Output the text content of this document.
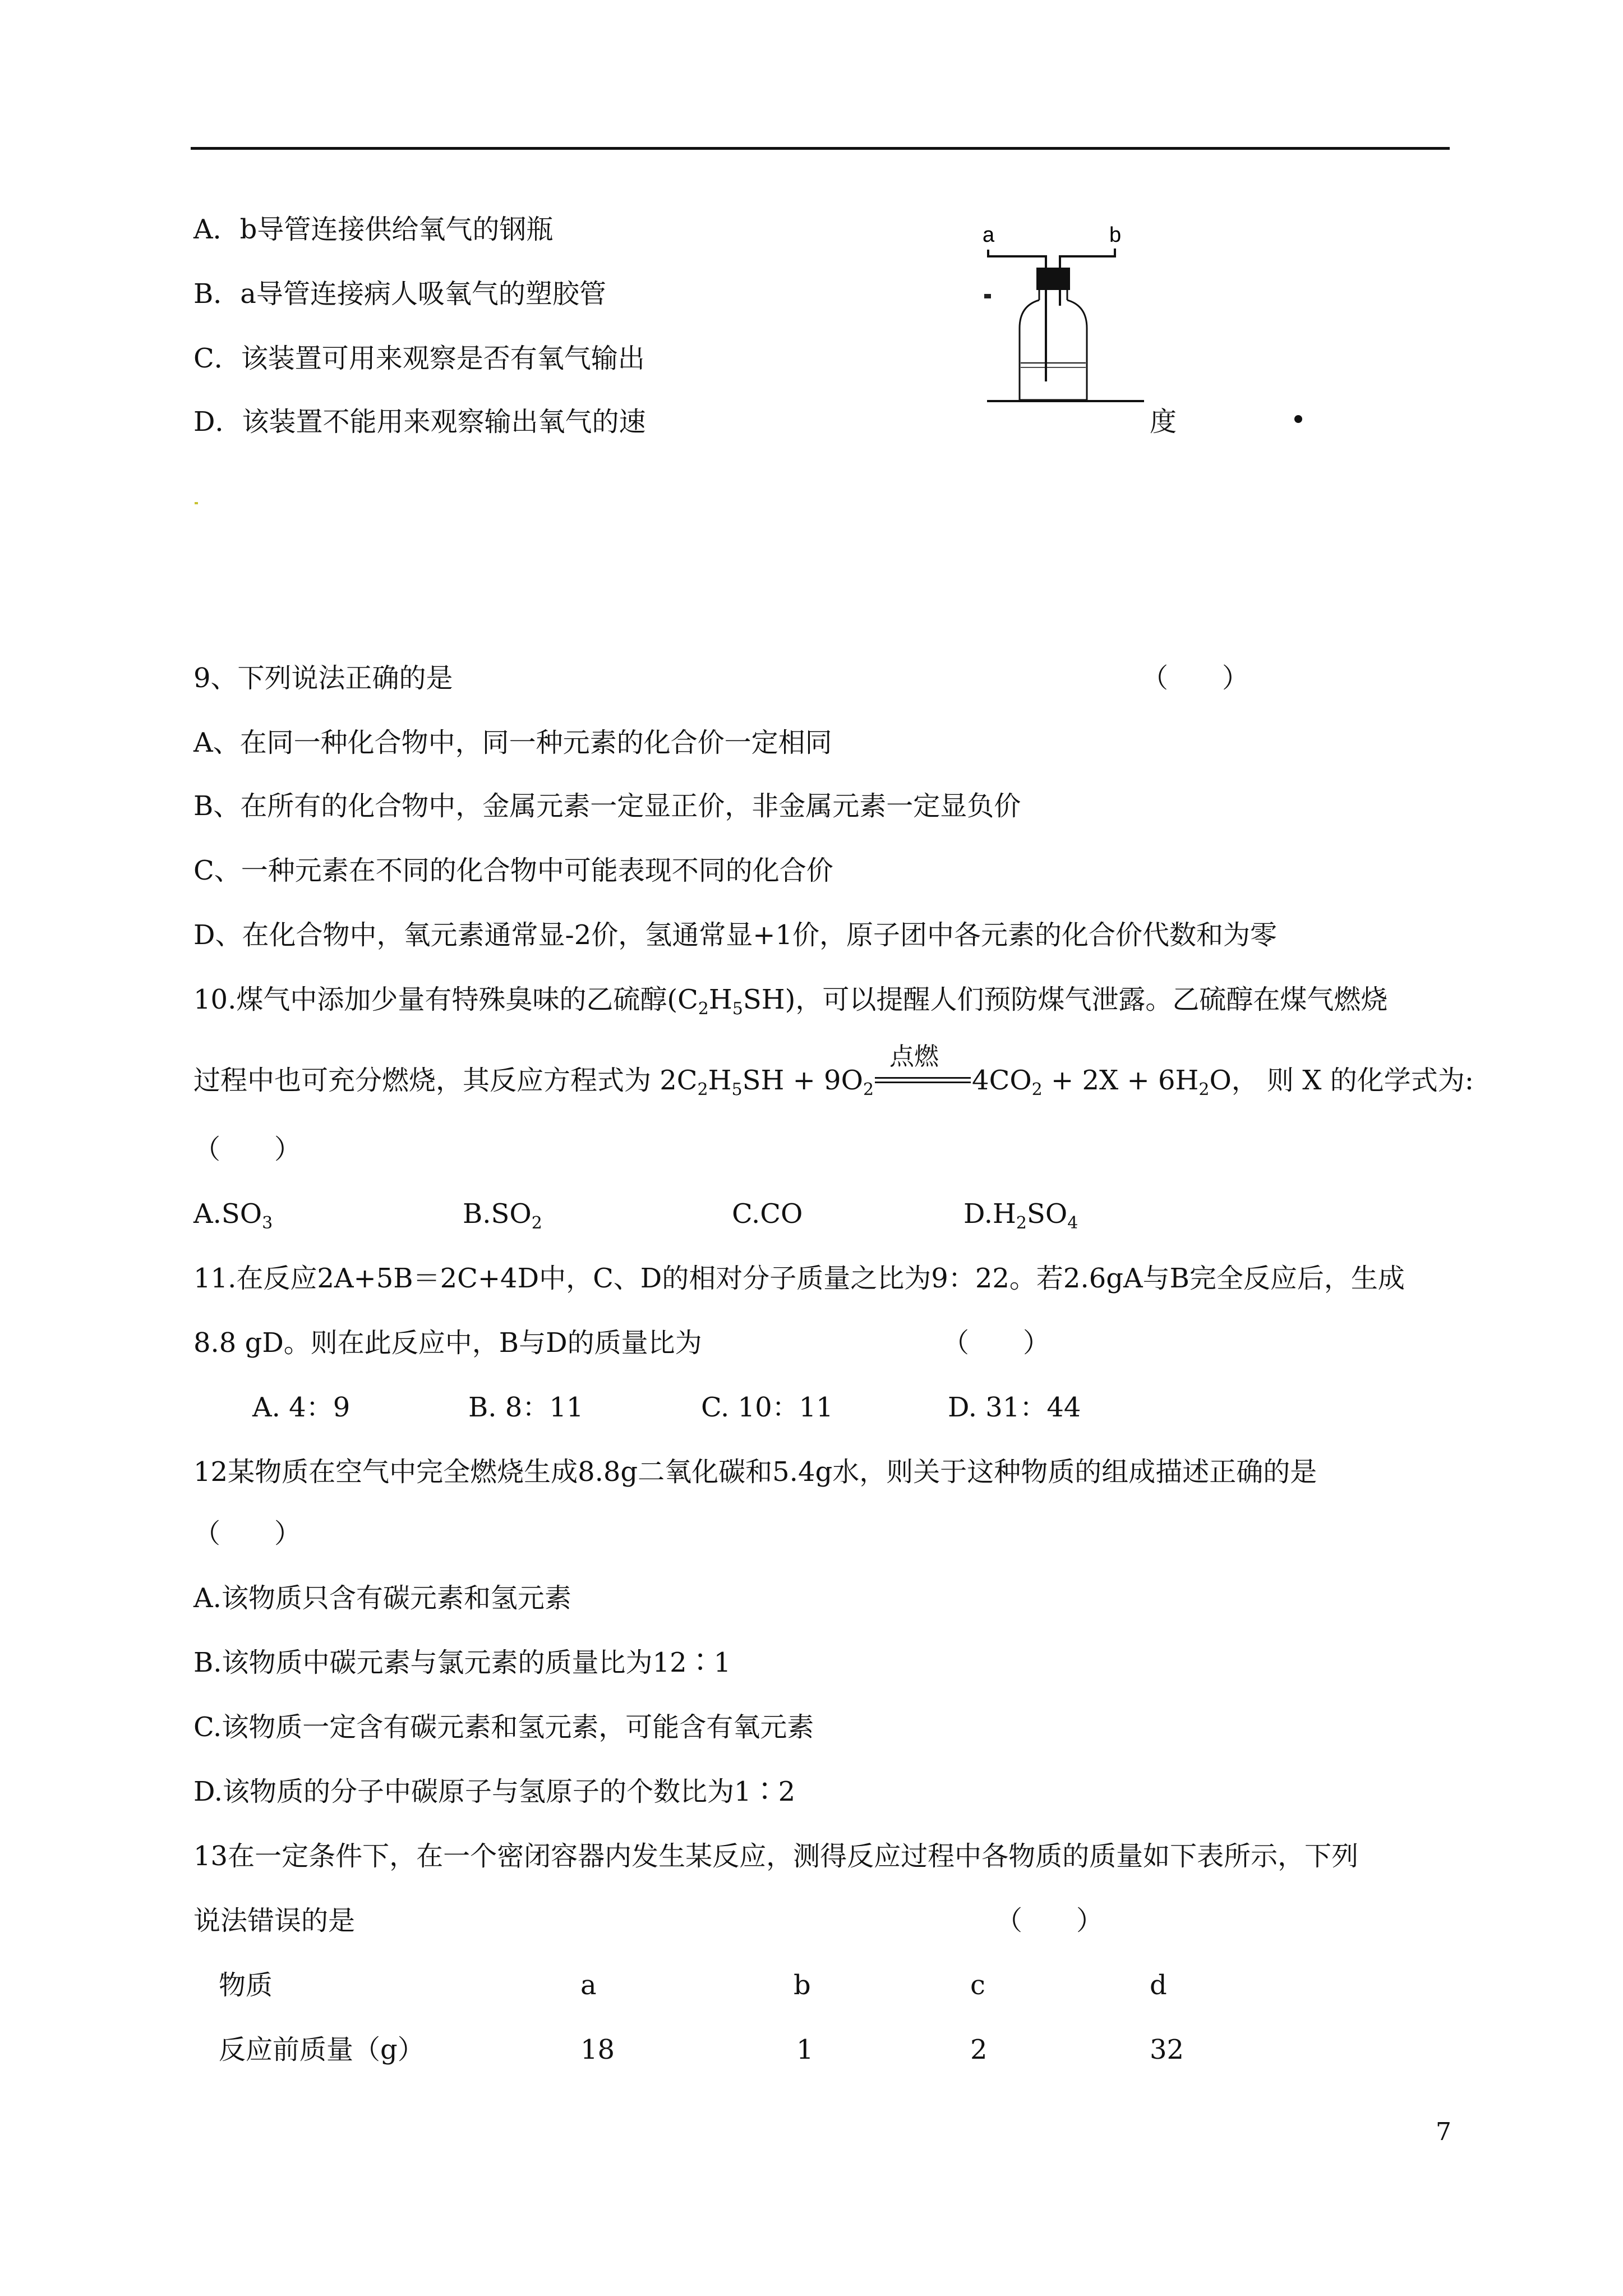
A．b导管连接供给氧气的钢瓶
B．a导管连接病人吸氧气的塑胶管
C．该装置可用来观察是否有氧气输出
D．该装置不能用来观察输出氧气的速	度
a	b
9、下列说法正确的是	（　　）
A、在同一种化合物中，同一种元素的化合价一定相同
B、在所有的化合物中，金属元素一定显正价，非金属元素一定显负价
C、一种元素在不同的化合物中可能表现不同的化合价
D、在化合物中，氧元素通常显-2价，氢通常显+1价，原子团中各元素的化合价代数和为零
10.煤气中添加少量有特殊臭味的乙硫醇$(C_2H_5SH)$，可以提醒人们预防煤气泄露。乙硫醇在煤气燃烧
过程中也可充分燃烧，其反应方程式为 $2C_2H_5SH + 9O_2$
点燃
$4CO_2 + 2X + 6H_2O$， 则 X 的化学式为:
（　　）
$A.SO_3$	$B.SO_2$	C.CO	$D.H_2SO_4$
11.在反应2A+5B＝2C+4D中，C、D的相对分子质量之比为9：22。若2.6gA与B完全反应后，生成
8.8 gD。则在此反应中，B与D的质量比为	（　　）
A. 4：9	B. 8：11	C. 10：11	D. 31：44
12某物质在空气中完全燃烧生成8.8g二氧化碳和5.4g水，则关于这种物质的组成描述正确的是
（　　）
A.该物质只含有碳元素和氢元素
B.该物质中碳元素与氯元素的质量比为12∶1
C.该物质一定含有碳元素和氢元素，可能含有氧元素
D.该物质的分子中碳原子与氢原子的个数比为1∶2
13在一定条件下，在一个密闭容器内发生某反应，测得反应过程中各物质的质量如下表所示，下列
说法错误的是	（　　）
物质	a	b	c	d
反应前质量（g）	18	1	2	32
7
